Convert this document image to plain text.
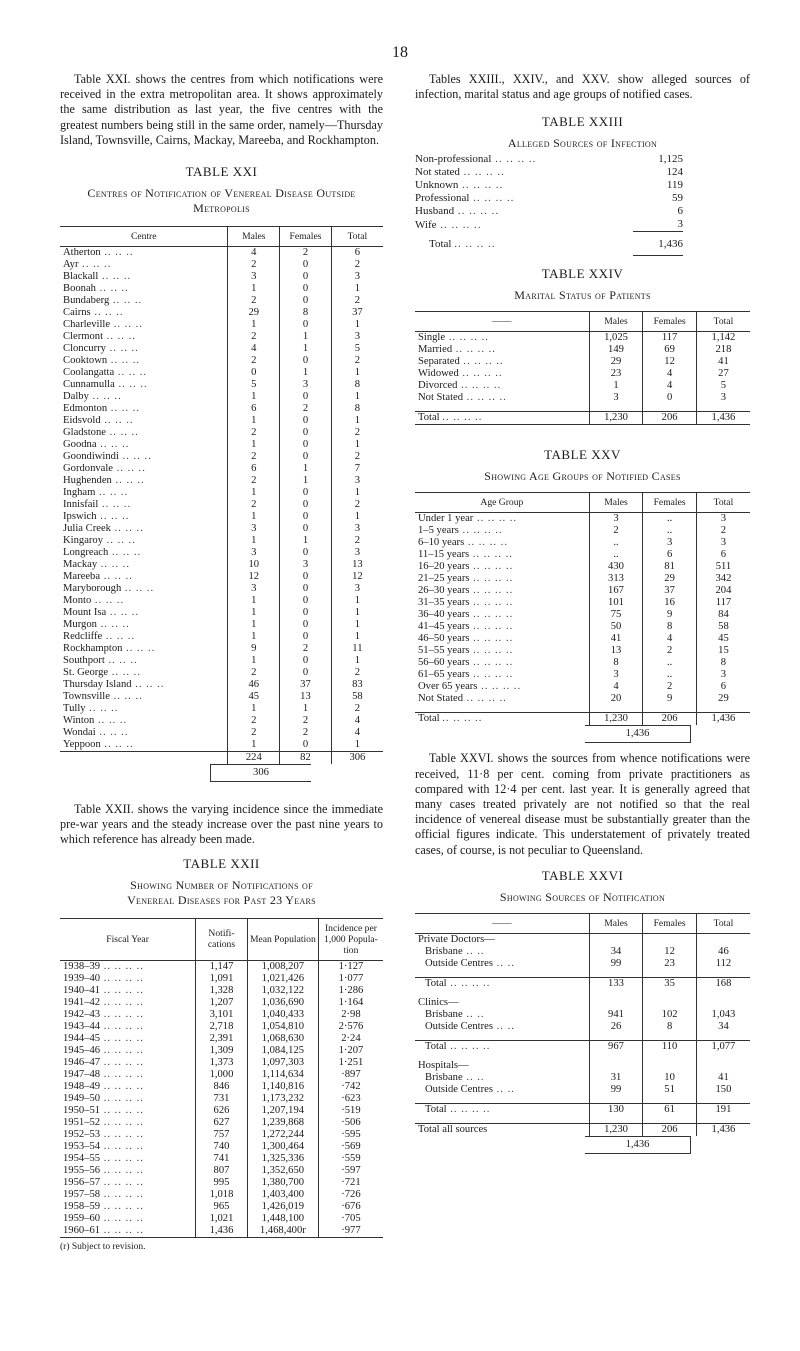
18

Table XXI. shows the centres from which notifications were received in the extra metropolitan area. It shows approximately the same distribution as last year, the five centres with the greatest numbers being still in the same order, namely—Thursday Island, Townsville, Cairns, Mackay, Mareeba, and Rockhampton.

TABLE XXI
Centres of Notification of Venereal Disease Outside Metropolis
Centre	Males	Females	Total
Atherton .. .. ..	4	2	6
Ayr .. .. ..	2	0	2
Blackall .. .. ..	3	0	3
Boonah .. .. ..	1	0	1
Bundaberg .. .. ..	2	0	2
Cairns .. .. ..	29	8	37
Charleville .. .. ..	1	0	1
Clermont .. .. ..	2	1	3
Cloncurry .. .. ..	4	1	5
Cooktown .. .. ..	2	0	2
Coolangatta .. .. ..	0	1	1
Cunnamulla .. .. ..	5	3	8
Dalby .. .. ..	1	0	1
Edmonton .. .. ..	6	2	8
Eidsvold .. .. ..	1	0	1
Gladstone .. .. ..	2	0	2
Goodna .. .. ..	1	0	1
Goondiwindi .. .. ..	2	0	2
Gordonvale .. .. ..	6	1	7
Hughenden .. .. ..	2	1	3
Ingham .. .. ..	1	0	1
Innisfail .. .. ..	2	0	2
Ipswich .. .. ..	1	0	1
Julia Creek .. .. ..	3	0	3
Kingaroy .. .. ..	1	1	2
Longreach .. .. ..	3	0	3
Mackay .. .. ..	10	3	13
Mareeba .. .. ..	12	0	12
Maryborough .. .. ..	3	0	3
Monto .. .. ..	1	0	1
Mount Isa .. .. ..	1	0	1
Murgon .. .. ..	1	0	1
Redcliffe .. .. ..	1	0	1
Rockhampton .. .. ..	9	2	11
Southport .. .. ..	1	0	1
St. George .. .. ..	2	0	2
Thursday Island .. .. ..	46	37	83
Townsville .. .. ..	45	13	58
Tully .. .. ..	1	1	2
Winton .. .. ..	2	2	4
Wondai .. .. ..	2	2	4
Yeppoon .. .. ..	1	0	1
	224	82	306
306

Table XXII. shows the varying incidence since the immediate pre-war years and the steady increase over the past nine years to which reference has already been made.

TABLE XXII
Showing Number of Notifications of
Venereal Diseases for Past 23 Years
Fiscal Year	Notifi-cations	Mean Population	Incidence per 1,000 Popula-tion
1938–39 .. .. .. ..	1,147	1,008,207	1·127
1939–40 .. .. .. ..	1,091	1,021,426	1·077
1940–41 .. .. .. ..	1,328	1,032,122	1·286
1941–42 .. .. .. ..	1,207	1,036,690	1·164
1942–43 .. .. .. ..	3,101	1,040,433	2·98
1943–44 .. .. .. ..	2,718	1,054,810	2·576
1944–45 .. .. .. ..	2,391	1,068,630	2·24
1945–46 .. .. .. ..	1,309	1,084,125	1·207
1946–47 .. .. .. ..	1,373	1,097,303	1·251
1947–48 .. .. .. ..	1,000	1,114,634	·897
1948–49 .. .. .. ..	846	1,140,816	·742
1949–50 .. .. .. ..	731	1,173,232	·623
1950–51 .. .. .. ..	626	1,207,194	·519
1951–52 .. .. .. ..	627	1,239,868	·506
1952–53 .. .. .. ..	757	1,272,244	·595
1953–54 .. .. .. ..	740	1,300,464	·569
1954–55 .. .. .. ..	741	1,325,336	·559
1955–56 .. .. .. ..	807	1,352,650	·597
1956–57 .. .. .. ..	995	1,380,700	·721
1957–58 .. .. .. ..	1,018	1,403,400	·726
1958–59 .. .. .. ..	965	1,426,019	·676
1959–60 .. .. .. ..	1,021	1,448,100	·705
1960–61 .. .. .. ..	1,436	1,468,400r	·977
(r) Subject to revision.

Tables XXIII., XXIV., and XXV. show alleged sources of infection, marital status and age groups of notified cases.

TABLE XXIII
Alleged Sources of Infection
Non-professional .. .. .. ..	1,125
Not stated .. .. .. ..	124
Unknown .. .. .. ..	119
Professional .. .. .. ..	59
Husband .. .. .. ..	6
Wife .. .. .. ..	3

Total .. .. .. ..	1,436

TABLE XXIV
Marital Status of Patients
——	Males	Females	Total
Single .. .. .. ..	1,025	117	1,142
Married .. .. .. ..	149	69	218
Separated .. .. .. ..	29	12	41
Widowed .. .. .. ..	23	4	27
Divorced .. .. .. ..	1	4	5
Not Stated .. .. .. ..	3	0	3

Total .. .. .. ..	1,230	206	1,436
TABLE XXV
Showing Age Groups of Notified Cases
Age Group	Males	Females	Total
Under 1 year .. .. .. ..	3	..	3
1–5 years .. .. .. ..	2	..	2
6–10 years .. .. .. ..	..	3	3
11–15 years .. .. .. ..	..	6	6
16–20 years .. .. .. ..	430	81	511
21–25 years .. .. .. ..	313	29	342
26–30 years .. .. .. ..	167	37	204
31–35 years .. .. .. ..	101	16	117
36–40 years .. .. .. ..	75	9	84
41–45 years .. .. .. ..	50	8	58
46–50 years .. .. .. ..	41	4	45
51–55 years .. .. .. ..	13	2	15
56–60 years .. .. .. ..	8	..	8
61–65 years .. .. .. ..	3	..	3
Over 65 years .. .. .. ..	4	2	6
Not Stated .. .. .. ..	20	9	29

Total .. .. .. ..	1,230	206	1,436
1,436

Table XXVI. shows the sources from whence notifications were received, 11·8 per cent. coming from private practitioners as compared with 12·4 per cent. last year. It is generally agreed that many cases treated privately are not notified so that the real incidence of venereal disease must be substantially greater than the official figures indicate. This understatement of privately treated cases, of course, is not peculiar to Queensland.

TABLE XXVI
Showing Sources of Notification
——	Males	Females	Total
Private Doctors—			
Brisbane .. ..	34	12	46
Outside Centres .. ..	99	23	112

Total .. .. .. ..	133	35	168

Clinics—			
Brisbane .. ..	941	102	1,043
Outside Centres .. ..	26	8	34

Total .. .. .. ..	967	110	1,077

Hospitals—			
Brisbane .. ..	31	10	41
Outside Centres .. ..	99	51	150

Total .. .. .. ..	130	61	191

Total all sources	1,230	206	1,436
1,436
